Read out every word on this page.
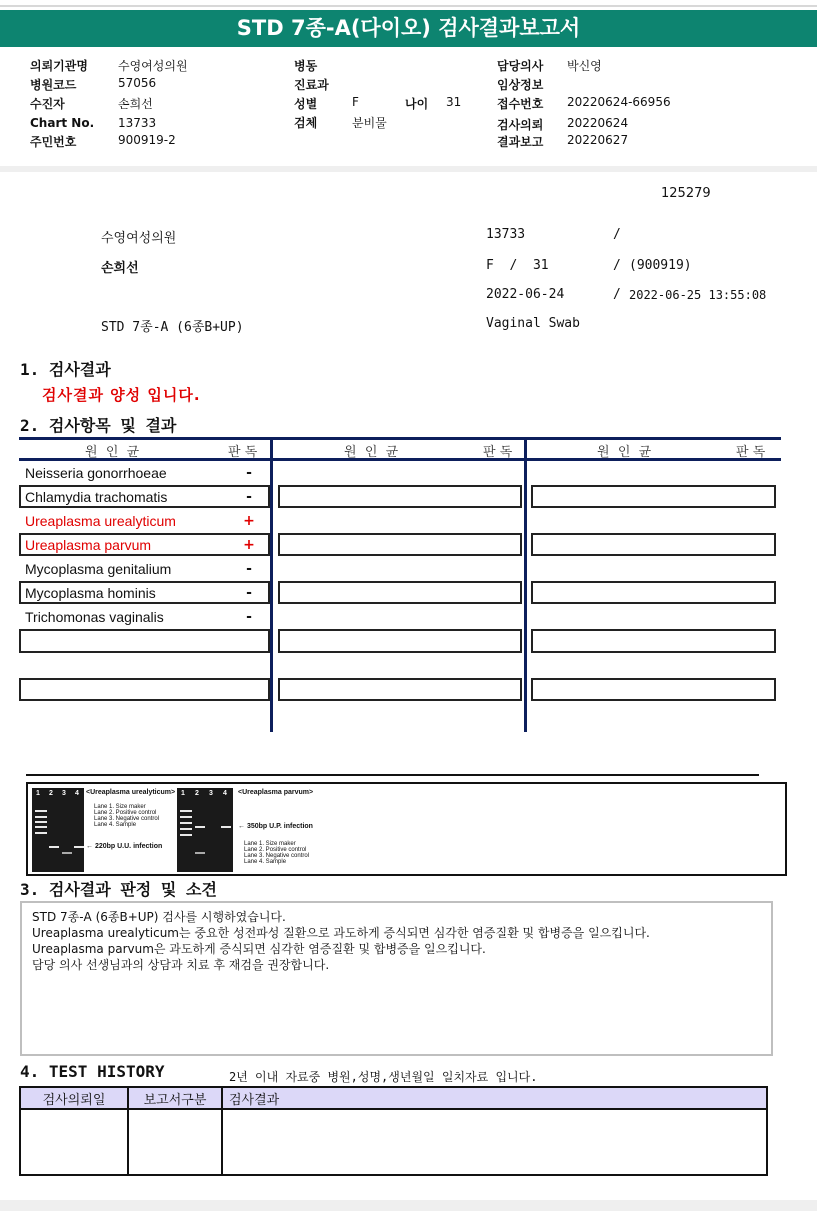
STD 7종-A(다이오) 검사결과보고서
의뢰기관명	수영여성의원
병원코드	57056
수진자	손희선
Chart No. 13733
주민번호	900919-2
병동
진료과
성별	F	나이 31
검체	분비물
담당의사 박신영
임상정보
접수번호 20220624-66956
검사의뢰 20220624
결과보고 20220627
125279
수영여성의원	13733	/
손희선	F  /  31	/ (900919)
2022-06-24	/ 2022-06-25 13:55:08
STD 7종-A (6종B+UP)	Vaginal Swab
1. 검사결과
검사결과 양성 입니다.
2. 검사항목 및 결과
원  인  균	판 독	원  인  균	판 독	원  인  균	판 독
Neisseria gonorrhoeae	-
Chlamydia trachomatis	-
Ureaplasma urealyticum	+
Ureaplasma parvum	+
Mycoplasma genitalium	-
Mycoplasma hominis	-
Trichomonas vaginalis	-
1 2 3 4 <Ureaplasma urealyticum>
Lane 1. Size maker
Lane 2. Positive control
Lane 3. Negative control
Lane 4. Sample
← 220bp U.U. infection
1 2 3 4 <Ureaplasma parvum>
← 350bp U.P. infection
Lane 1. Size maker
Lane 2. Positive control
Lane 3. Negative control
Lane 4. Sample
3. 검사결과 판정 및 소견
STD 7종-A (6종B+UP) 검사를 시행하였습니다.
Ureaplasma urealyticum는 중요한 성전파성 질환으로 과도하게 증식되면 심각한 염증질환 및 합병증을 일으킵니다.
Ureaplasma parvum은 과도하게 증식되면 심각한 염증질환 및 합병증을 일으킵니다.
담당 의사 선생님과의 상담과 치료 후 재검을 권장합니다.
4. TEST HISTORY	2년 이내 자료중 병원,성명,생년월일 일치자료 입니다.
검사의뢰일	보고서구분	검사결과
